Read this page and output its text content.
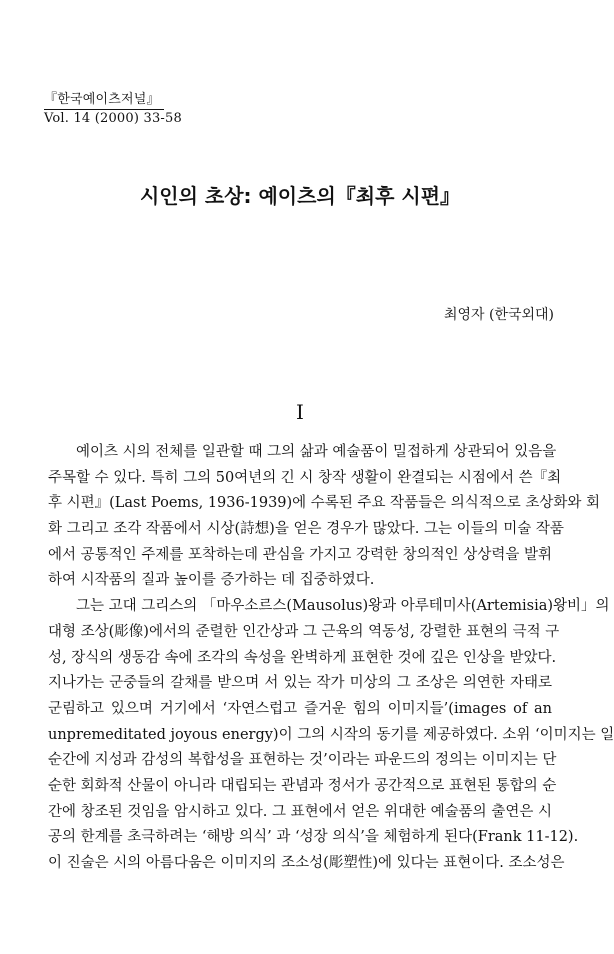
『한국예이츠저널』
Vol. 14 (2000) 33-58
시인의 초상: 예이츠의『최후 시편』
최영자 (한국외대)
I
예이츠 시의 전체를 일관할 때 그의 삶과 예술품이 밀접하게 상관되어 있음을
주목할 수 있다. 특히 그의 50여년의 긴 시 창작 생활이 완결되는 시점에서 쓴『최
후 시편』(Last Poems, 1936-1939)에 수록된 주요 작품들은 의식적으로 초상화와 회
화 그리고 조각 작품에서 시상(詩想)을 얻은 경우가 많았다. 그는 이들의 미술 작품
에서 공통적인 주제를 포착하는데 관심을 가지고 강력한 창의적인 상상력을 발휘
하여 시작품의 질과 높이를 증가하는 데 집중하였다.
그는 고대 그리스의 「마우소르스(Mausolus)왕과 아루테미사(Artemisia)왕비」의
대형 조상(彫像)에서의 준렬한 인간상과 그 근육의 역동성, 강렬한 표현의 극적 구
성, 장식의 생동감 속에 조각의 속성을 완벽하게 표현한 것에 깊은 인상을 받았다.
지나가는 군중들의 갈채를 받으며 서 있는 작가 미상의 그 조상은 의연한 자태로
군림하고 있으며 거기에서 ‘자연스럽고 즐거운 힘의 이미지들’(images of an
unpremeditated joyous energy)이 그의 시작의 동기를 제공하였다. 소위 ‘이미지는 일
순간에 지성과 감성의 복합성을 표현하는 것’이라는 파운드의 정의는 이미지는 단
순한 회화적 산물이 아니라 대립되는 관념과 정서가 공간적으로 표현된 통합의 순
간에 창조된 것임을 암시하고 있다. 그 표현에서 얻은 위대한 예술품의 출연은 시
공의 한계를 초극하려는 ‘해방 의식’ 과 ‘성장 의식’을 체험하게 된다(Frank 11-12).
이 진술은 시의 아름다움은 이미지의 조소성(彫塑性)에 있다는 표현이다. 조소성은
